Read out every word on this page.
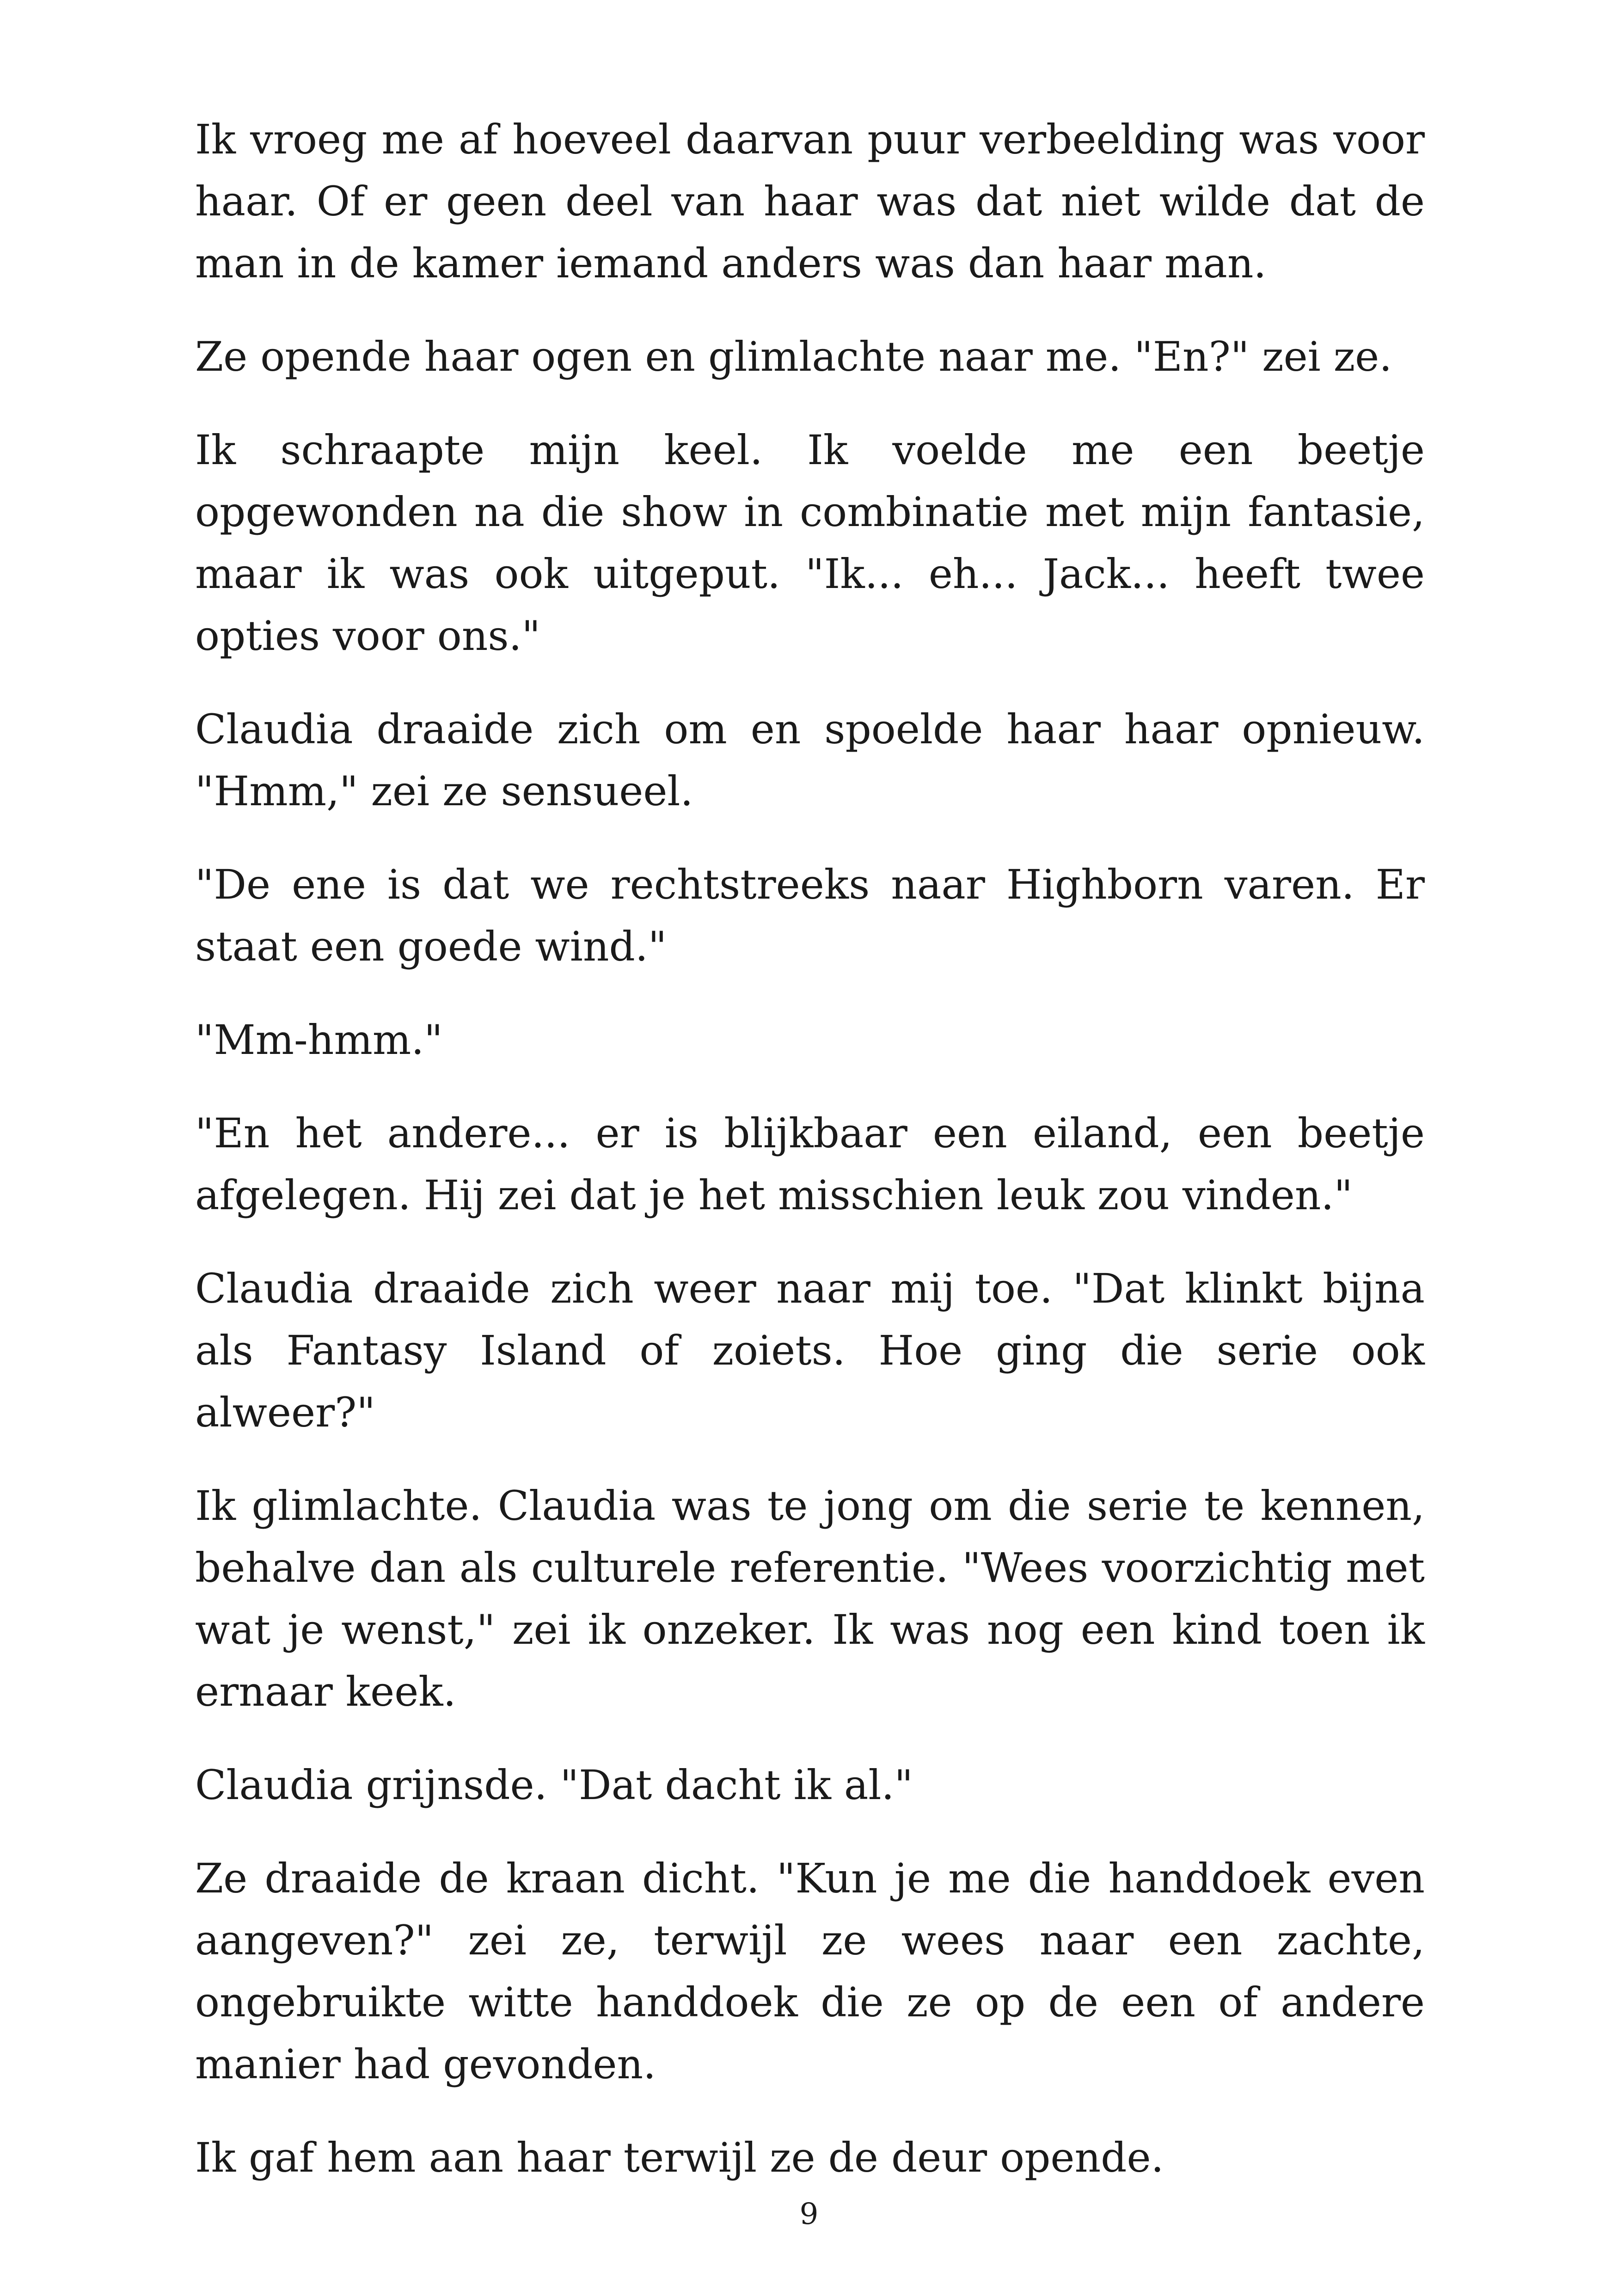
Ik vroeg me af hoeveel daarvan puur verbeelding was voor haar. Of er geen deel van haar was dat niet wilde dat de man in de kamer iemand anders was dan haar man.

Ze opende haar ogen en glimlachte naar me. "En?" zei ze.

Ik schraapte mijn keel. Ik voelde me een beetje opgewonden na die show in combinatie met mijn fantasie, maar ik was ook uitgeput. "Ik... eh... Jack... heeft twee opties voor ons."

Claudia draaide zich om en spoelde haar haar opnieuw. "Hmm," zei ze sensueel.

"De ene is dat we rechtstreeks naar Highborn varen. Er staat een goede wind."

"Mm-hmm."

"En het andere... er is blijkbaar een eiland, een beetje afgelegen. Hij zei dat je het misschien leuk zou vinden."

Claudia draaide zich weer naar mij toe. "Dat klinkt bijna als Fantasy Island of zoiets. Hoe ging die serie ook alweer?"

Ik glimlachte. Claudia was te jong om die serie te kennen, behalve dan als culturele referentie. "Wees voorzichtig met wat je wenst," zei ik onzeker. Ik was nog een kind toen ik ernaar keek.

Claudia grijnsde. "Dat dacht ik al."

Ze draaide de kraan dicht. "Kun je me die handdoek even aangeven?" zei ze, terwijl ze wees naar een zachte, ongebruikte witte handdoek die ze op de een of andere manier had gevonden.

Ik gaf hem aan haar terwijl ze de deur opende.

9
